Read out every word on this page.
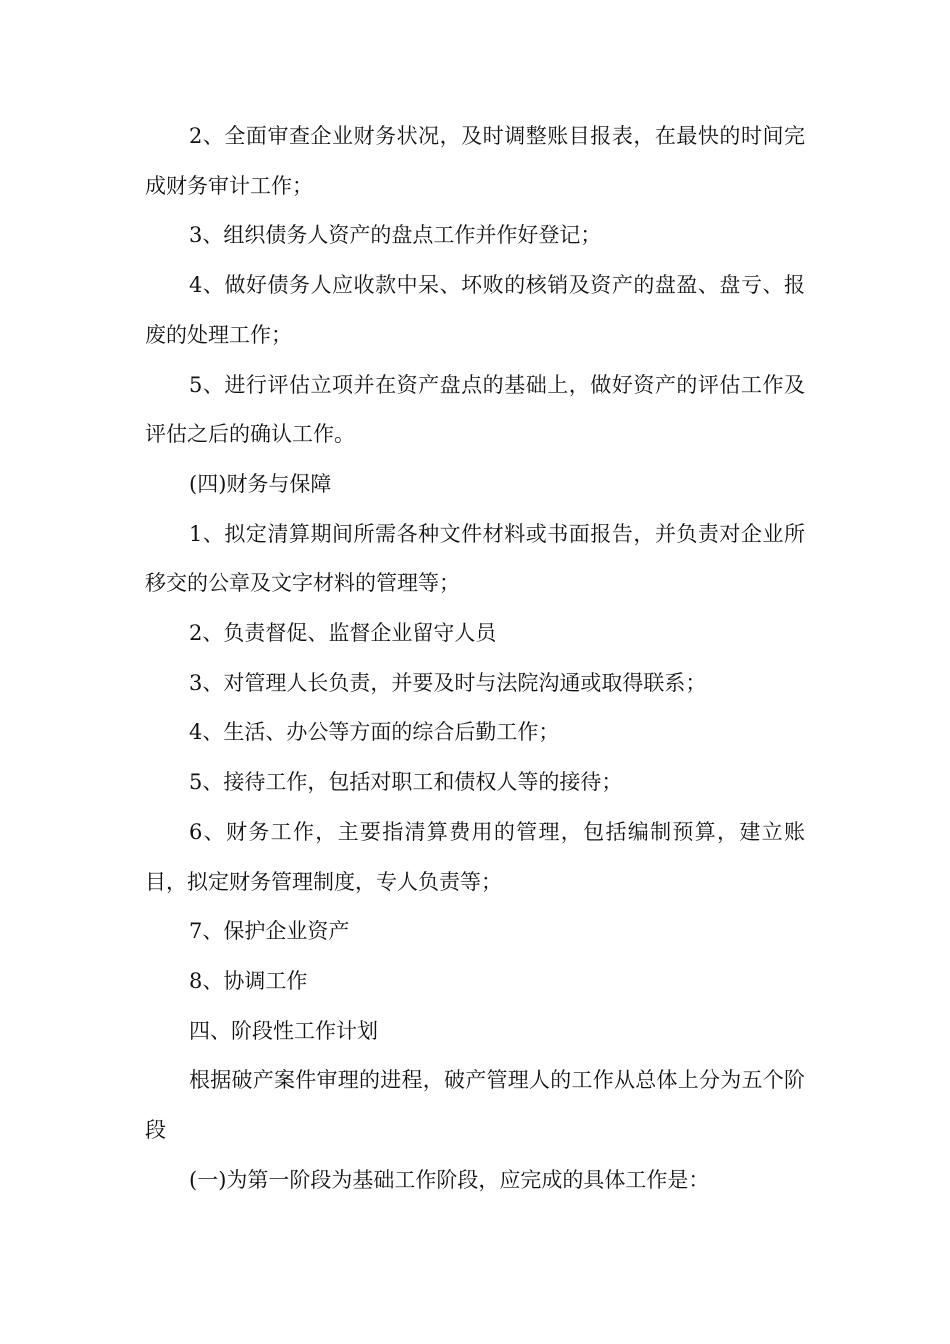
2、全面审查企业财务状况，及时调整账目报表，在最快的时间完成财务审计工作；

3、组织债务人资产的盘点工作并作好登记；

4、做好债务人应收款中呆、坏败的核销及资产的盘盈、盘亏、报废的处理工作；

5、进行评估立项并在资产盘点的基础上，做好资产的评估工作及评估之后的确认工作。

(四)财务与保障

1、拟定清算期间所需各种文件材料或书面报告，并负责对企业所移交的公章及文字材料的管理等；

2、负责督促、监督企业留守人员

3、对管理人长负责，并要及时与法院沟通或取得联系；

4、生活、办公等方面的综合后勤工作；

5、接待工作，包括对职工和债权人等的接待；

6、财务工作，主要指清算费用的管理，包括编制预算，建立账目，拟定财务管理制度，专人负责等；

7、保护企业资产

8、协调工作

四、阶段性工作计划

根据破产案件审理的进程，破产管理人的工作从总体上分为五个阶段

(一)为第一阶段为基础工作阶段，应完成的具体工作是：
